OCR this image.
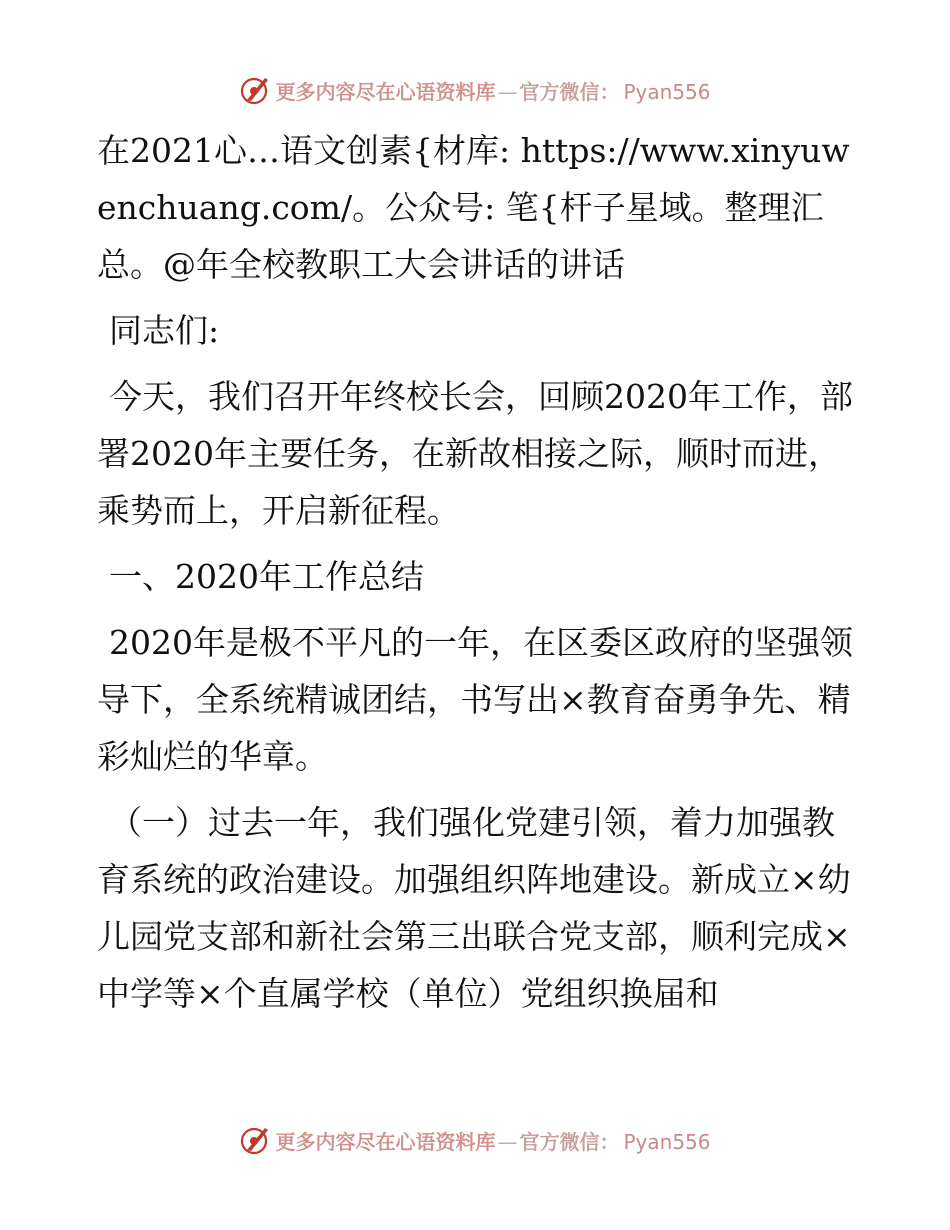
更多内容尽在心语资料库 — 官方微信： Pyan556

在2021心…语文创素{材库: https://www.xinyuwenchuang.com/。公众号: 笔{杆子星域。整理汇总。@年全校教职工大会讲话的讲话

同志们:

今天，我们召开年终校长会，回顾2020年工作，部署2020年主要任务，在新故相接之际，顺时而进，乘势而上，开启新征程。

一、2020年工作总结

2020年是极不平凡的一年，在区委区政府的坚强领导下，全系统精诚团结，书写出×教育奋勇争先、精彩灿烂的华章。

（一）过去一年，我们强化党建引领，着力加强教育系统的政治建设。加强组织阵地建设。新成立×幼儿园党支部和新社会第三出联合党支部，顺利完成×中学等×个直属学校（单位）党组织换届和

更多内容尽在心语资料库 — 官方微信： Pyan556
